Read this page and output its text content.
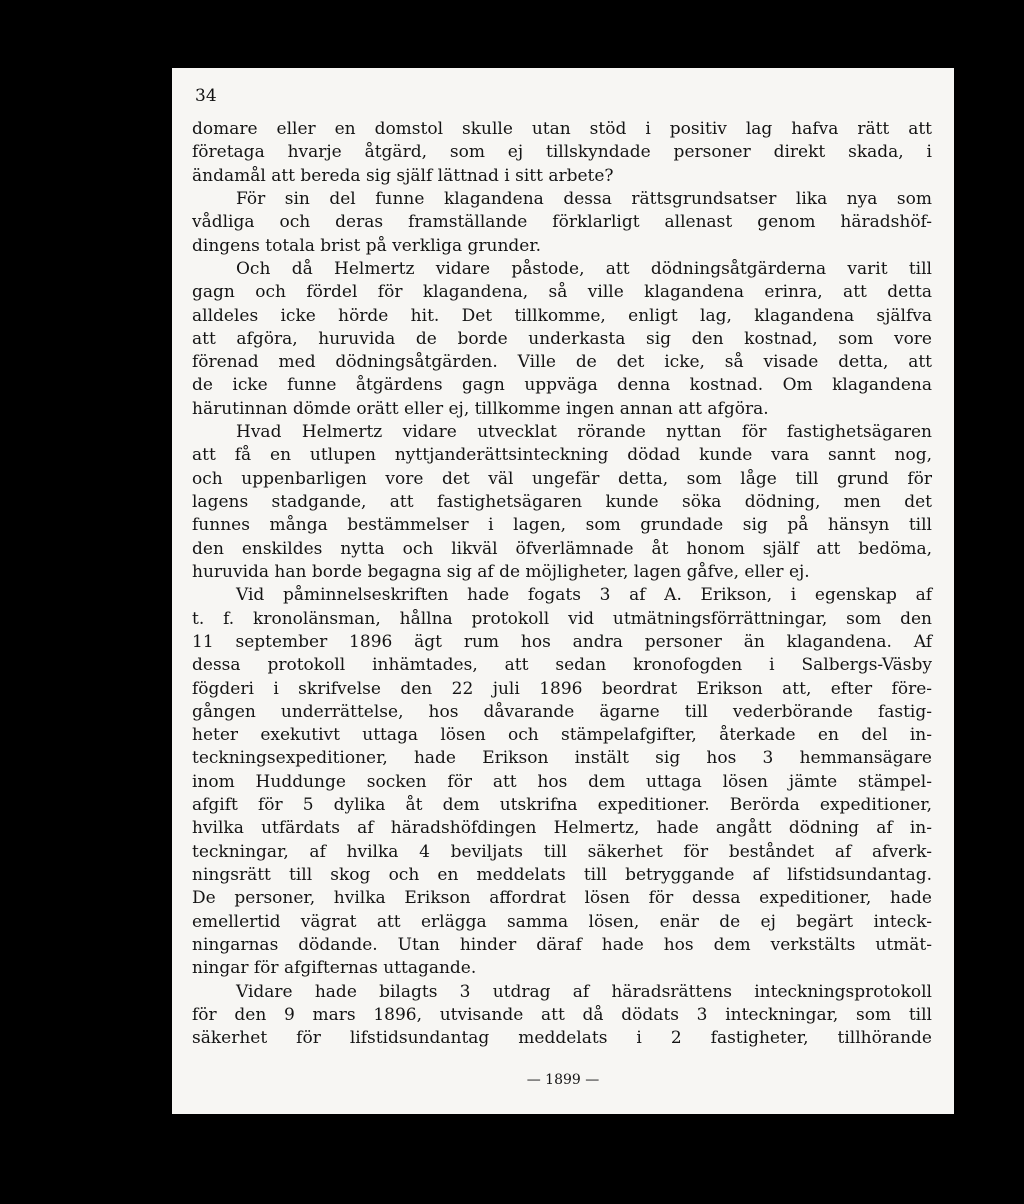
34
domare eller en domstol skulle utan stöd i positiv lag hafva rätt att
företaga hvarje åtgärd, som ej tillskyndade personer direkt skada, i
ändamål att bereda sig själf lättnad i sitt arbete?
För sin del funne klagandena dessa rättsgrundsatser lika nya som
vådliga och deras framställande förklarligt allenast genom häradshöf-
dingens totala brist på verkliga grunder.
Och då Helmertz vidare påstode, att dödningsåtgärderna varit till
gagn och fördel för klagandena, så ville klagandena erinra, att detta
alldeles icke hörde hit. Det tillkomme, enligt lag, klagandena själfva
att afgöra, huruvida de borde underkasta sig den kostnad, som vore
förenad med dödningsåtgärden. Ville de det icke, så visade detta, att
de icke funne åtgärdens gagn uppväga denna kostnad. Om klagandena
härutinnan dömde orätt eller ej, tillkomme ingen annan att afgöra.
Hvad Helmertz vidare utvecklat rörande nyttan för fastighetsägaren
att få en utlupen nyttjanderättsinteckning dödad kunde vara sannt nog,
och uppenbarligen vore det väl ungefär detta, som låge till grund för
lagens stadgande, att fastighetsägaren kunde söka dödning, men det
funnes många bestämmelser i lagen, som grundade sig på hänsyn till
den enskildes nytta och likväl öfverlämnade åt honom själf att bedöma,
huruvida han borde begagna sig af de möjligheter, lagen gåfve, eller ej.
Vid påminnelseskriften hade fogats 3 af A. Erikson, i egenskap af
t. f. kronolänsman, hållna protokoll vid utmätningsförrättningar, som den
11 september 1896 ägt rum hos andra personer än klagandena. Af
dessa protokoll inhämtades, att sedan kronofogden i Salbergs-Väsby
fögderi i skrifvelse den 22 juli 1896 beordrat Erikson att, efter före-
gången underrättelse, hos dåvarande ägarne till vederbörande fastig-
heter exekutivt uttaga lösen och stämpelafgifter, återkade en del in-
teckningsexpeditioner, hade Erikson instält sig hos 3 hemmansägare
inom Huddunge socken för att hos dem uttaga lösen jämte stämpel-
afgift för 5 dylika åt dem utskrifna expeditioner. Berörda expeditioner,
hvilka utfärdats af häradshöfdingen Helmertz, hade angått dödning af in-
teckningar, af hvilka 4 beviljats till säkerhet för beståndet af afverk-
ningsrätt till skog och en meddelats till betryggande af lifstidsundantag.
De personer, hvilka Erikson affordrat lösen för dessa expeditioner, hade
emellertid vägrat att erlägga samma lösen, enär de ej begärt intеck-
ningarnas dödande. Utan hinder däraf hade hos dem verkstälts utmät-
ningar för afgifternas uttagande.
Vidare hade bilagts 3 utdrag af häradsrättens inteckningsprotokoll
för den 9 mars 1896, utvisande att då dödats 3 inteckningar, som till
säkerhet för lifstidsundantag meddelats i 2 fastigheter, tillhörande
— 1899 —
